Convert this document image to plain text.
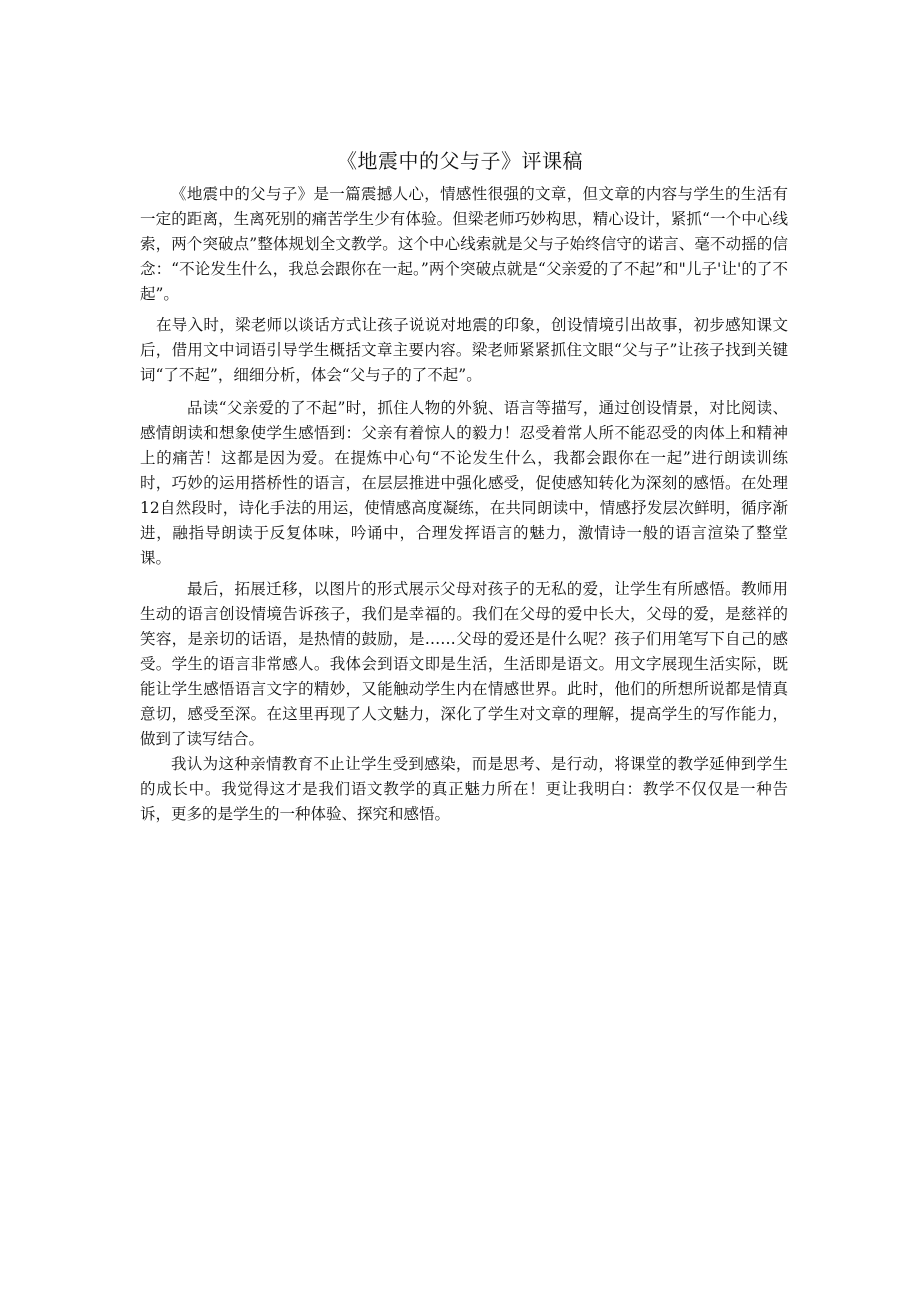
《地震中的父与子》评课稿

《地震中的父与子》是一篇震撼人心，情感性很强的文章，但文章的内容与学生的生活有一定的距离，生离死别的痛苦学生少有体验。但梁老师巧妙构思，精心设计，紧抓“一个中心线索，两个突破点”整体规划全文教学。这个中心线索就是父与子始终信守的诺言、毫不动摇的信念：“不论发生什么，我总会跟你在一起。”两个突破点就是“父亲爱的了不起”和"儿子'让'的了不起”。

在导入时，梁老师以谈话方式让孩子说说对地震的印象，创设情境引出故事，初步感知课文后，借用文中词语引导学生概括文章主要内容。梁老师紧紧抓住文眼“父与子”让孩子找到关键词“了不起”，细细分析，体会“父与子的了不起”。

品读“父亲爱的了不起”时，抓住人物的外貌、语言等描写，通过创设情景，对比阅读、感情朗读和想象使学生感悟到：父亲有着惊人的毅力！忍受着常人所不能忍受的肉体上和精神上的痛苦！这都是因为爱。在提炼中心句“不论发生什么，我都会跟你在一起”进行朗读训练时，巧妙的运用搭桥性的语言，在层层推进中强化感受，促使感知转化为深刻的感悟。在处理12自然段时，诗化手法的用运，使情感高度凝练，在共同朗读中，情感抒发层次鲜明，循序渐进，融指导朗读于反复体味，吟诵中，合理发挥语言的魅力，激情诗一般的语言渲染了整堂课。

最后，拓展迁移，以图片的形式展示父母对孩子的无私的爱，让学生有所感悟。教师用生动的语言创设情境告诉孩子，我们是幸福的。我们在父母的爱中长大，父母的爱，是慈祥的笑容，是亲切的话语，是热情的鼓励，是……父母的爱还是什么呢？孩子们用笔写下自己的感受。学生的语言非常感人。我体会到语文即是生活，生活即是语文。用文字展现生活实际，既能让学生感悟语言文字的精妙，又能触动学生内在情感世界。此时，他们的所想所说都是情真意切，感受至深。在这里再现了人文魅力，深化了学生对文章的理解，提高学生的写作能力，做到了读写结合。

我认为这种亲情教育不止让学生受到感染，而是思考、是行动，将课堂的教学延伸到学生的成长中。我觉得这才是我们语文教学的真正魅力所在！更让我明白：教学不仅仅是一种告诉，更多的是学生的一种体验、探究和感悟。
